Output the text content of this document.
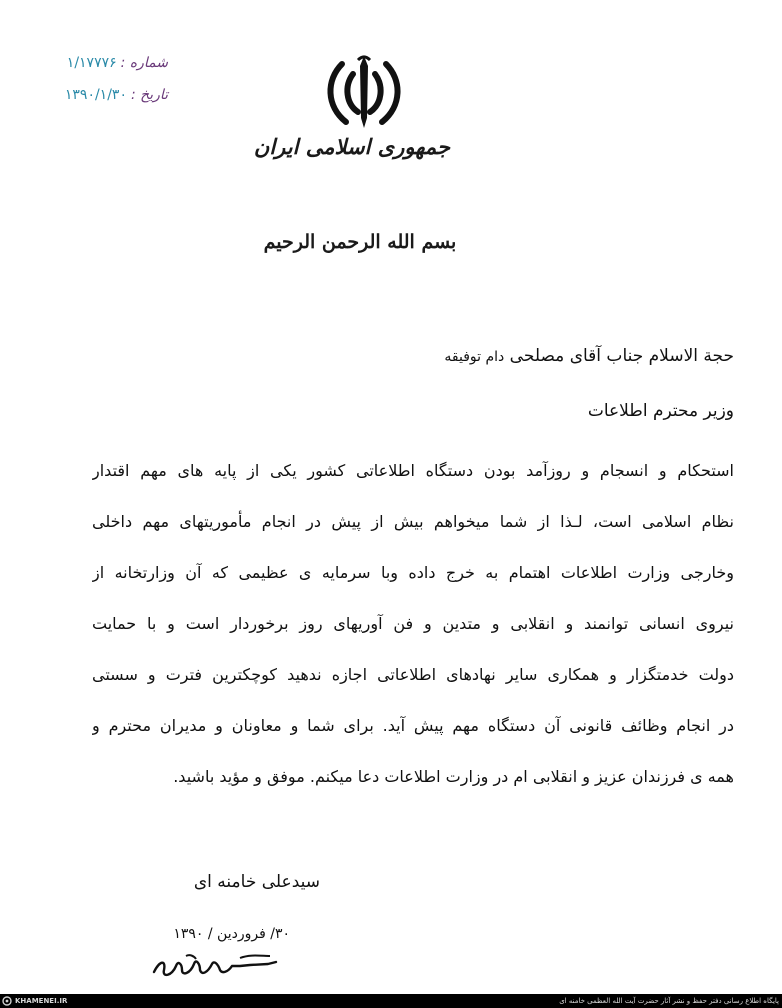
شماره :
۱/۱۷۷۷۶
تاریخ :
۱۳۹۰/۱/۳۰
جمهوری اسلامی ایران
بسم الله الرحمن الرحیم
حجة الاسلام جناب آقای مصلحی دام توفیقه
وزیر محترم اطلاعات
استحکام و انسجام و روزآمد بودن دستگاه اطلاعاتی کشور یکی از پایه های مهم اقتدار
نظام اسلامی است، لـذا از شما میخواهم بیش از پیش در انجام مأموریتهای مهم داخلی
وخارجی وزارت اطلاعات اهتمام به خرج داده وبا سرمایه ی عظیمی که آن وزارتخانه از
نیروی انسانی توانمند و انقلابی و متدین و فن آوریهای روز برخوردار است و با حمایت
دولت خدمتگزار و همکاری سایر نهادهای اطلاعاتی اجازه ندهید کوچکترین فترت و سستی
در انجام وظائف قانونی آن دستگاه مهم پیش آید. برای شما و معاونان و مدیران محترم و
همه ی فرزندان عزیز و انقلابی ام در وزارت اطلاعات دعا میکنم. موفق و مؤید باشید.
سیدعلی خامنه ای
۳۰/ فروردین / ۱۳۹۰
KHAMENEI.IR	پایگاه اطلاع رسانی دفتر حفظ و نشر آثار حضرت آیت الله العظمی خامنه ای
